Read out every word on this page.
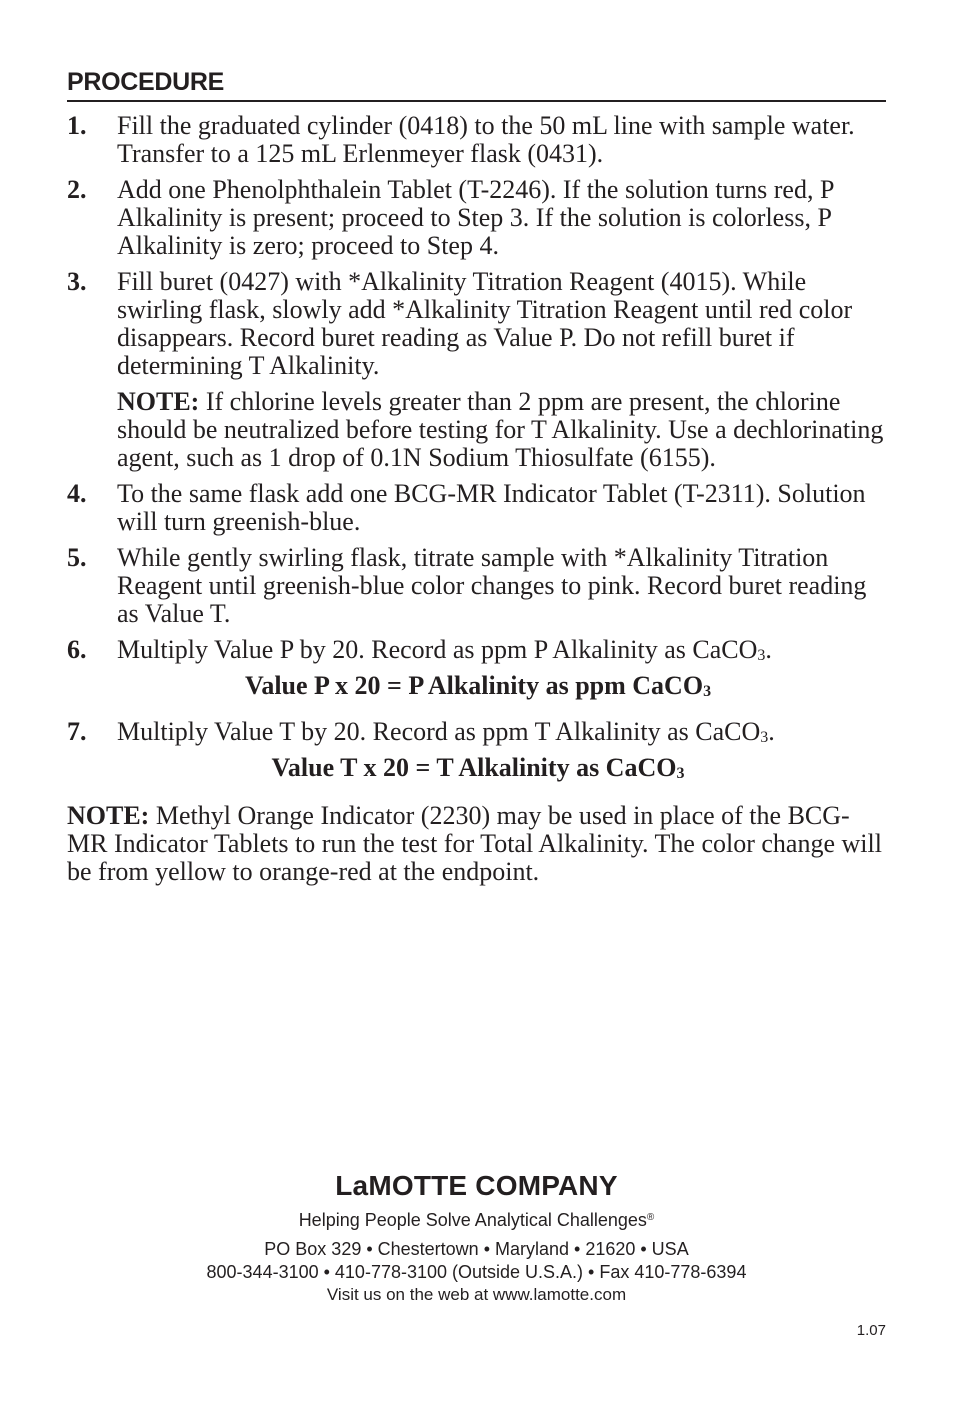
PROCEDURE
1. Fill the graduated cylinder (0418) to the 50 mL line with sample water. Transfer to a 125 mL Erlenmeyer flask (0431).
2. Add one Phenolphthalein Tablet (T-2246). If the solution turns red, P Alkalinity is present; proceed to Step 3. If the solution is colorless, P Alkalinity is zero; proceed to Step 4.
3. Fill buret (0427) with *Alkalinity Titration Reagent (4015). While swirling flask, slowly add *Alkalinity Titration Reagent until red color disappears. Record buret reading as Value P. Do not refill buret if determining T Alkalinity.
NOTE: If chlorine levels greater than 2 ppm are present, the chlorine should be neutralized before testing for T Alkalinity. Use a dechlorinating agent, such as 1 drop of 0.1N Sodium Thiosulfate (6155).
4. To the same flask add one BCG-MR Indicator Tablet (T-2311). Solution will turn greenish-blue.
5. While gently swirling flask, titrate sample with *Alkalinity Titration Reagent until greenish-blue color changes to pink. Record buret reading as Value T.
6. Multiply Value P by 20. Record as ppm P Alkalinity as CaCO$_3$.
Value P x 20 = P Alkalinity as ppm CaCO$_3$
7. Multiply Value T by 20. Record as ppm T Alkalinity as CaCO$_3$.
Value T x 20 = T Alkalinity as CaCO$_3$
NOTE: Methyl Orange Indicator (2230) may be used in place of the BCG-MR Indicator Tablets to run the test for Total Alkalinity. The color change will be from yellow to orange-red at the endpoint.
LaMOTTE COMPANY
Helping People Solve Analytical Challenges®
PO Box 329 • Chestertown • Maryland • 21620 • USA
800-344-3100 • 410-778-3100 (Outside U.S.A.) • Fax 410-778-6394
Visit us on the web at www.lamotte.com
1.07
